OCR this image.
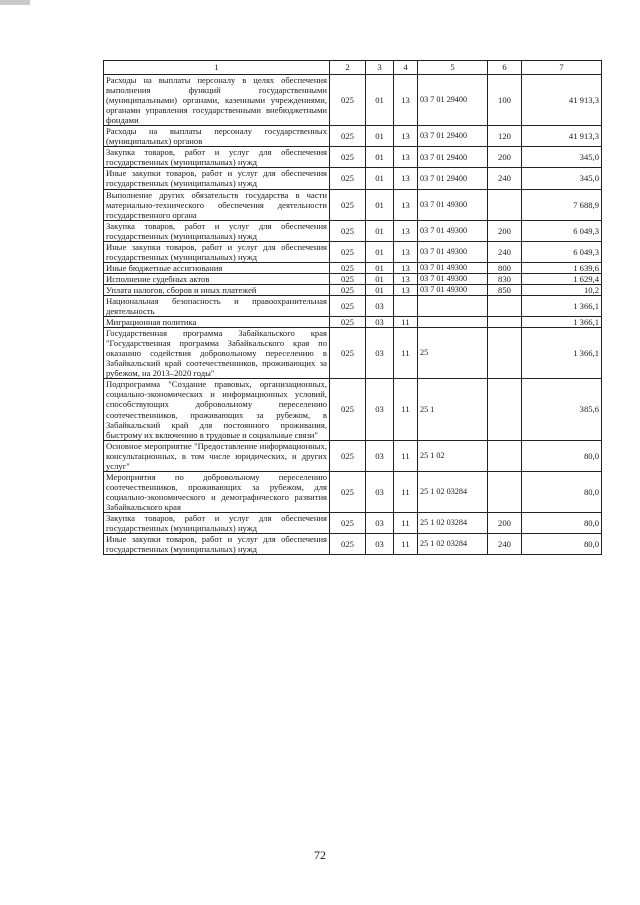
1	2	3	4	5	6	7
Расходы на выплаты персоналу в целях обеспечения выполнения функций государственными (муниципальными) органами, казенными учреждениями, органами управления государственными внебюджетными фондами	025	01	13	03 7 01 29400	100	41 913,3
Расходы на выплаты персоналу государственных (муниципальных) органов	025	01	13	03 7 01 29400	120	41 913,3
Закупка товаров, работ и услуг для обеспечения государственных (муниципальных) нужд	025	01	13	03 7 01 29400	200	345,0
Иные закупки товаров, работ и услуг для обеспечения государственных (муниципальных) нужд	025	01	13	03 7 01 29400	240	345,0
Выполнение других обязательств государства в части материально-технического обеспечения деятельности государственного органа	025	01	13	03 7 01 49300		7 688,9
Закупка товаров, работ и услуг для обеспечения государственных (муниципальных) нужд	025	01	13	03 7 01 49300	200	6 049,3
Иные закупки товаров, работ и услуг для обеспечения государственных (муниципальных) нужд	025	01	13	03 7 01 49300	240	6 049,3
Иные бюджетные ассигнования	025	01	13	03 7 01 49300	800	1 639,6
Исполнение судебных актов	025	01	13	03 7 01 49300	830	1 629,4
Уплата налогов, сборов и иных платежей	025	01	13	03 7 01 49300	850	10,2
Национальная безопасность и правоохранительная деятельность	025	03				1 366,1
Миграционная политика	025	03	11			1 366,1
Государственная программа Забайкальского края "Государственная программа Забайкальского края по оказанию содействия добровольному переселению в Забайкальский край соотечественников, проживающих за рубежом, на 2013–2020 годы"	025	03	11	25		1 366,1
Подпрограмма "Создание правовых, организационных, социально-экономических и информационных условий, способствующих добровольному переселению соотечественников, проживающих за рубежом, в Забайкальский край для постоянного проживания, быстрому их включению в трудовые и социальные связи"	025	03	11	25 1		385,6
Основное мероприятие "Предоставление информационных, консультационных, в том числе юридических, и других услуг"	025	03	11	25 1 02		80,0
Мероприятия по добровольному переселению соотечественников, проживающих за рубежом, для социально-экономического и демографического развития Забайкальского края	025	03	11	25 1 02 03284		80,0
Закупка товаров, работ и услуг для обеспечения государственных (муниципальных) нужд	025	03	11	25 1 02 03284	200	80,0
Иные закупки товаров, работ и услуг для обеспечения государственных (муниципальных) нужд	025	03	11	25 1 02 03284	240	80,0
72
